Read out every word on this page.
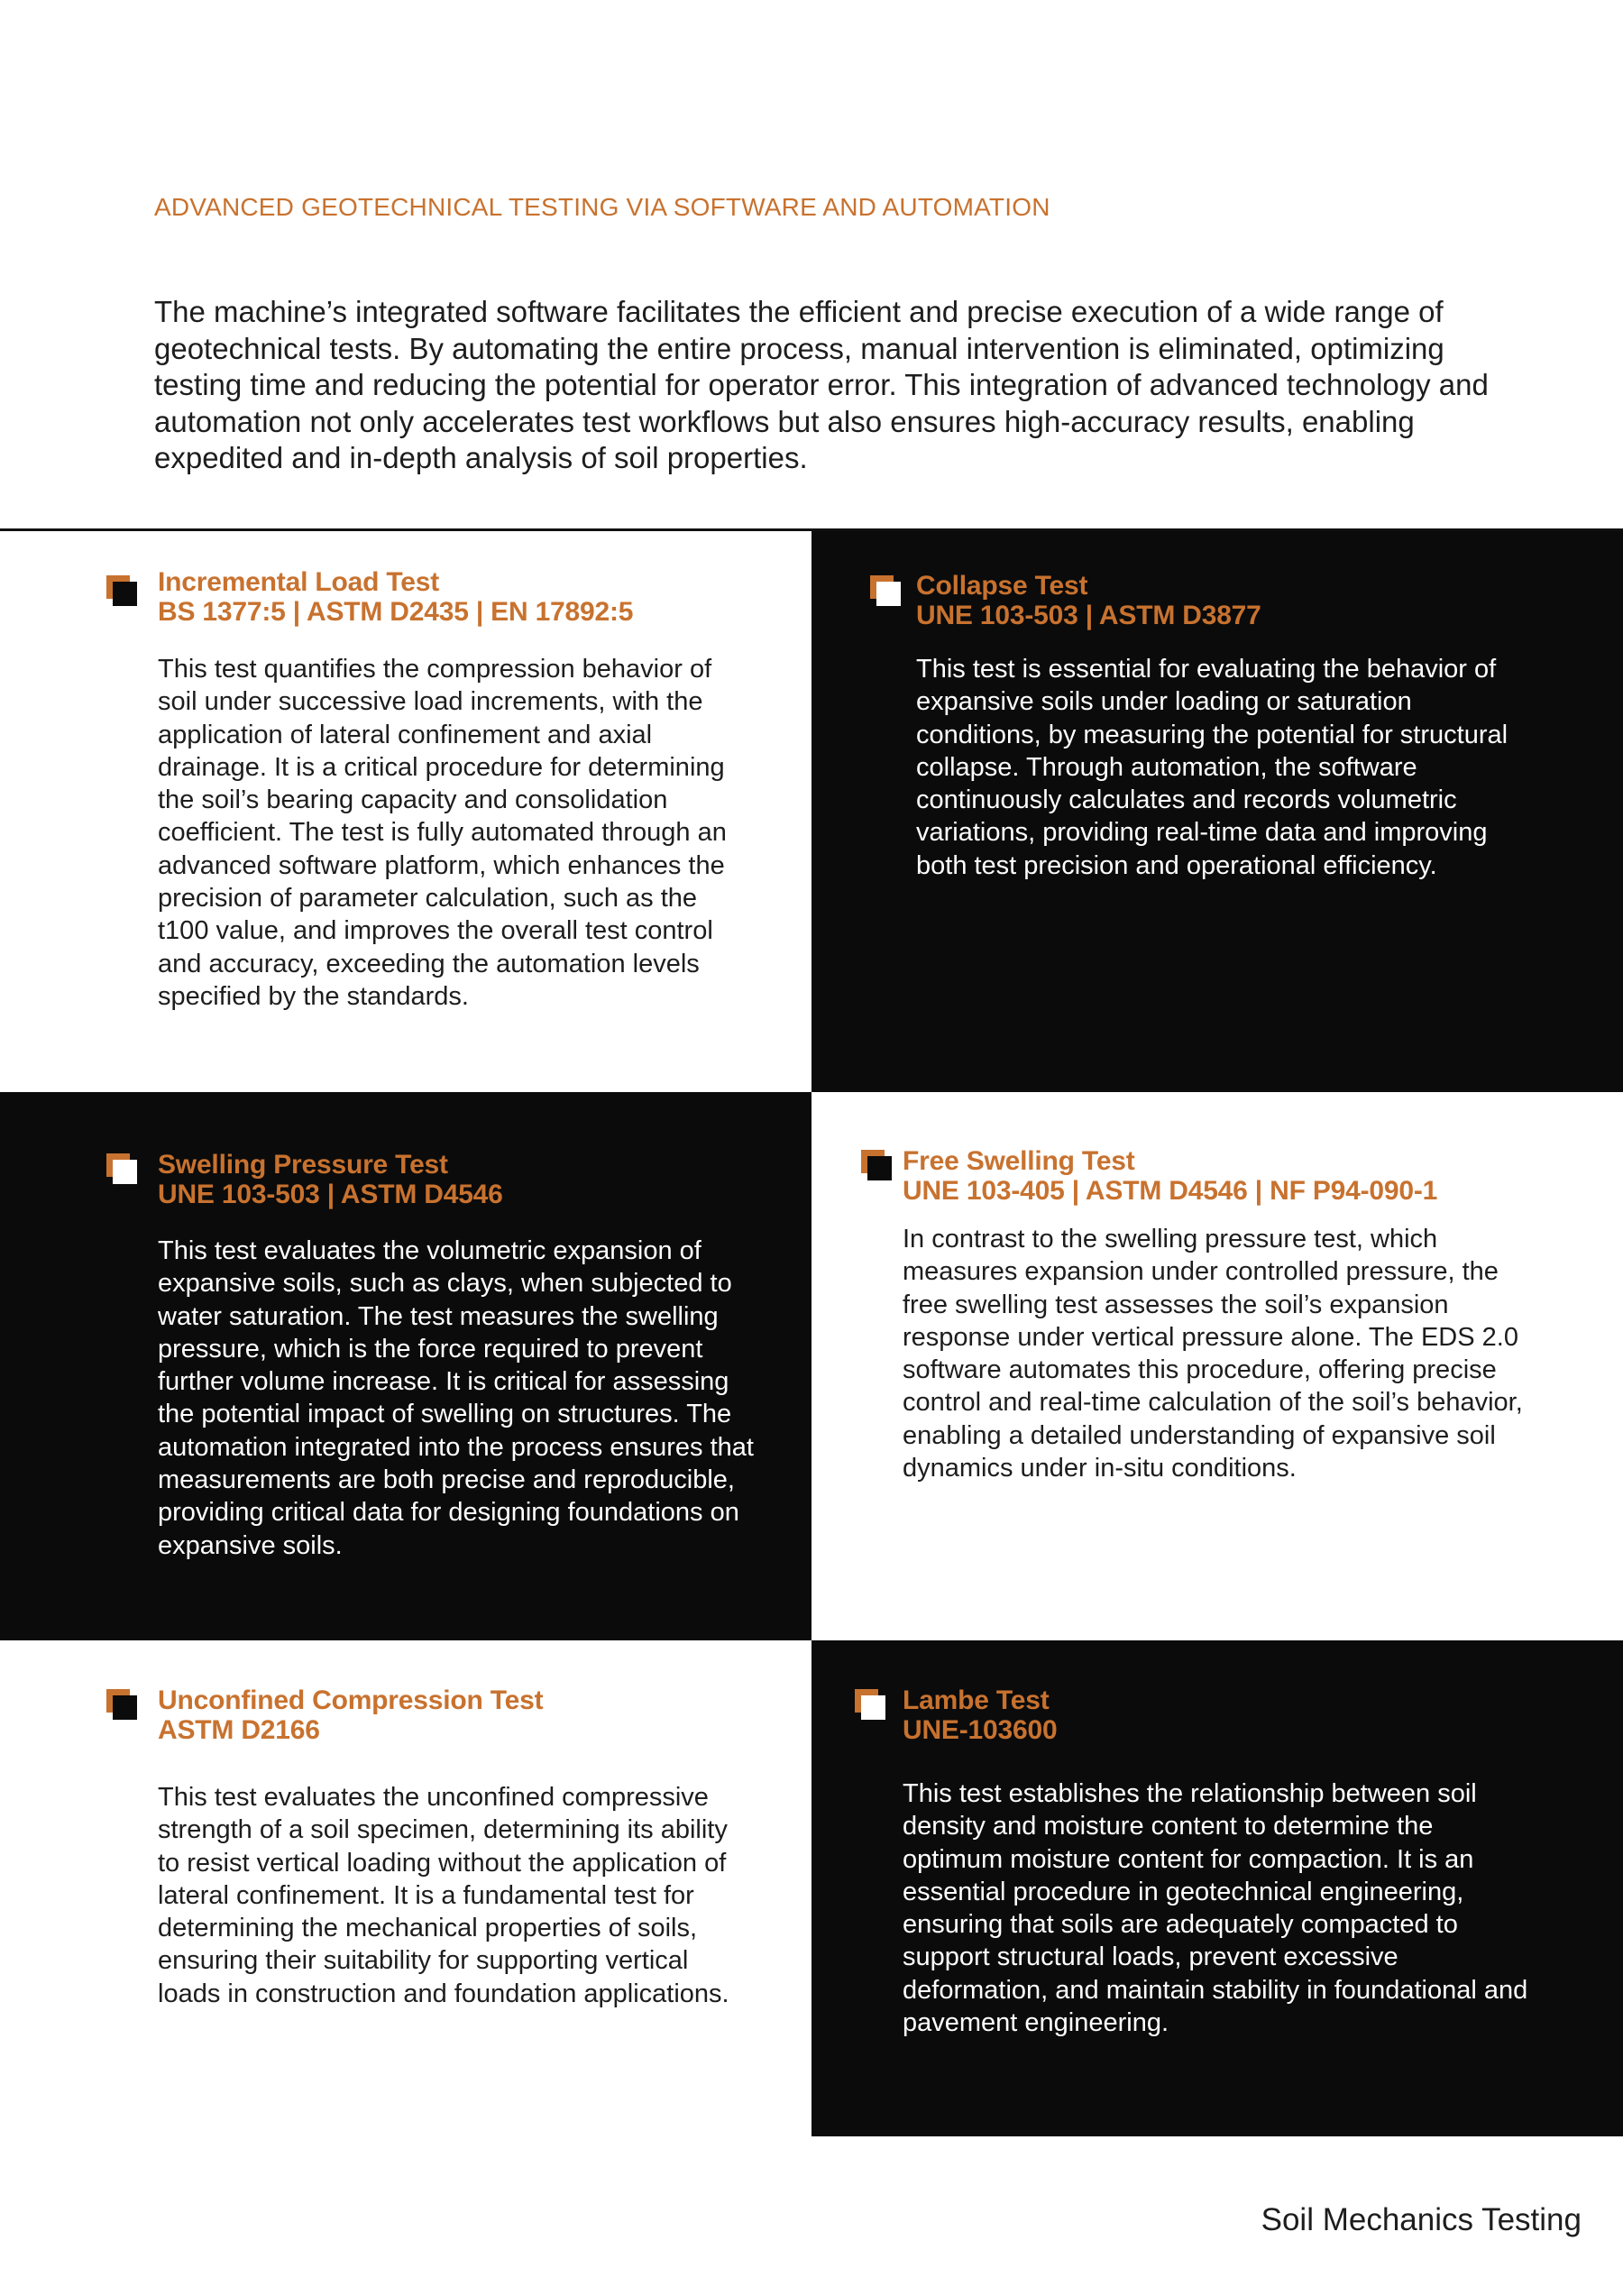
ADVANCED GEOTECHNICAL TESTING VIA SOFTWARE AND AUTOMATION

The machine’s integrated software facilitates the efficient and precise execution of a wide range of geotechnical tests. By automating the entire process, manual intervention is eliminated, optimizing testing time and reducing the potential for operator error. This integration of advanced technology and automation not only accelerates test workflows but also ensures high-accuracy results, enabling expedited and in-depth analysis of soil properties.

Incremental Load Test
BS 1377:5 | ASTM D2435 | EN 17892:5

This test quantifies the compression behavior of soil under successive load increments, with the application of lateral confinement and axial drainage. It is a critical procedure for determining the soil’s bearing capacity and consolidation coefficient. The test is fully automated through an advanced software platform, which enhances the precision of parameter calculation, such as the t100 value, and improves the overall test control and accuracy, exceeding the automation levels specified by the standards.

Collapse Test
UNE 103-503 | ASTM D3877

This test is essential for evaluating the behavior of expansive soils under loading or saturation conditions, by measuring the potential for structural collapse. Through automation, the software continuously calculates and records volumetric variations, providing real-time data and improving both test precision and operational efficiency.

Swelling Pressure Test
UNE 103-503 | ASTM D4546

This test evaluates the volumetric expansion of expansive soils, such as clays, when subjected to water saturation. The test measures the swelling pressure, which is the force required to prevent further volume increase. It is critical for assessing the potential impact of swelling on structures. The automation integrated into the process ensures that measurements are both precise and reproducible, providing critical data for designing foundations on expansive soils.

Free Swelling Test
UNE 103-405 | ASTM D4546 | NF P94-090-1

In contrast to the swelling pressure test, which measures expansion under controlled pressure, the free swelling test assesses the soil’s expansion response under vertical pressure alone. The EDS 2.0 software automates this procedure, offering precise control and real-time calculation of the soil’s behavior, enabling a detailed understanding of expansive soil dynamics under in-situ conditions.

Unconfined Compression Test
ASTM D2166

This test evaluates the unconfined compressive strength of a soil specimen, determining its ability to resist vertical loading without the application of lateral confinement. It is a fundamental test for determining the mechanical properties of soils, ensuring their suitability for supporting vertical loads in construction and foundation applications.

Lambe Test
UNE-103600

This test establishes the relationship between soil density and moisture content to determine the optimum moisture content for compaction. It is an essential procedure in geotechnical engineering, ensuring that soils are adequately compacted to support structural loads, prevent excessive deformation, and maintain stability in foundational and pavement engineering.

Soil Mechanics Testing
